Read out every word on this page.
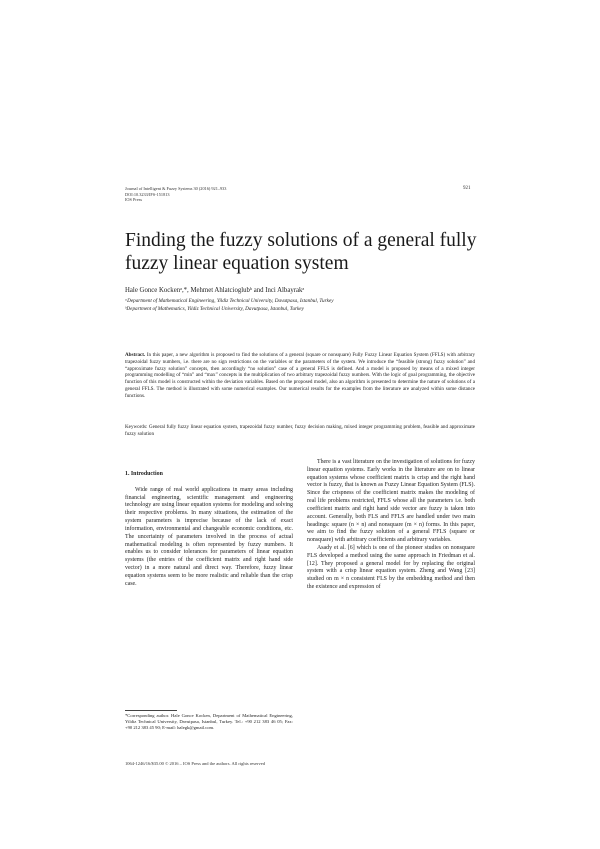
Journal of Intelligent & Fuzzy Systems 30 (2016) 921–933
DOI:10.3233/IFS-151813
IOS Press
921
Finding the fuzzy solutions of a general fully fuzzy linear equation system
Hale Gonce Kockenᵃ,*, Mehmet Ahlatcioglubᵇ and Inci Albayrakᵃ
ᵃDepartment of Mathematical Engineering, Yildiz Technical University, Davutpasa, Istanbul, Turkey
ᵇDepartment of Mathematics, Yildiz Technical University, Davutpasa, Istanbul, Turkey
Abstract. In this paper, a new algorithm is proposed to find the solutions of a general (square or nonsquare) Fully Fuzzy Linear Equation System (FFLS) with arbitrary trapezoidal fuzzy numbers, i.e. there are no sign restrictions on the variables or the parameters of the system. We introduce the “feasible (strong) fuzzy solution” and “approximate fuzzy solution” concepts, then accordingly “no solution” case of a general FFLS is defined. And a model is proposed by means of a mixed integer programming modelling of “min” and “max” concepts in the multiplication of two arbitrary trapezoidal fuzzy numbers. With the logic of goal programming, the objective function of this model is constructed within the deviation variables. Based on the proposed model, also an algorithm is presented to determine the nature of solutions of a general FFLS. The method is illustrated with some numerical examples. Our numerical results for the examples from the literature are analyzed within some distance functions.
Keywords: General fully fuzzy linear equation system, trapezoidal fuzzy number, fuzzy decision making, mixed integer programming problem, feasible and approximate fuzzy solution

1. Introduction

Wide range of real world applications in many areas including financial engineering, scientific management and engineering technology are using linear equation systems for modeling and solving their respective problems. In many situations, the estimation of the system parameters is imprecise because of the lack of exact information, environmental and changeable economic conditions, etc. The uncertainty of parameters involved in the process of actual mathematical modeling is often represented by fuzzy numbers. It enables us to consider tolerances for parameters of linear equation systems (the entries of the coefficient matrix and right hand side vector) in a more natural and direct way. Therefore, fuzzy linear equation systems seem to be more realistic and reliable than the crisp case.

There is a vast literature on the investigation of solutions for fuzzy linear equation systems. Early works in the literature are on to linear equation systems whose coefficient matrix is crisp and the right hand vector is fuzzy, that is known as Fuzzy Linear Equation System (FLS). Since the crispness of the coefficient matrix makes the modeling of real life problems restricted, FFLS whose all the parameters i.e. both coefficient matrix and right hand side vector are fuzzy is taken into account. Generally, both FLS and FFLS are handled under two main headings: square (n × n) and nonsquare (m × n) forms. In this paper, we aim to find the fuzzy solution of a general FFLS (square or nonsquare) with arbitrary coefficients and arbitrary variables.

Asady et al. [6] which is one of the pioneer studies on nonsquare FLS developed a method using the same approach in Friedman et al. [12]. They proposed a general model for by replacing the original system with a crisp linear equation system. Zheng and Wang [23] studied on m × n consistent FLS by the embedding method and then the existence and expression of

*Corresponding author. Hale Gonce Kocken, Department of Mathematical Engineering, Yildiz Technical University, Davutpasa, Istanbul, Turkey. Tel.: +90 212 383 46 05; Fax: +90 212 383 45 90; E-mail: halegk@gmail.com.
1064-1246/16/$35.00 © 2016 – IOS Press and the authors. All rights reserved
